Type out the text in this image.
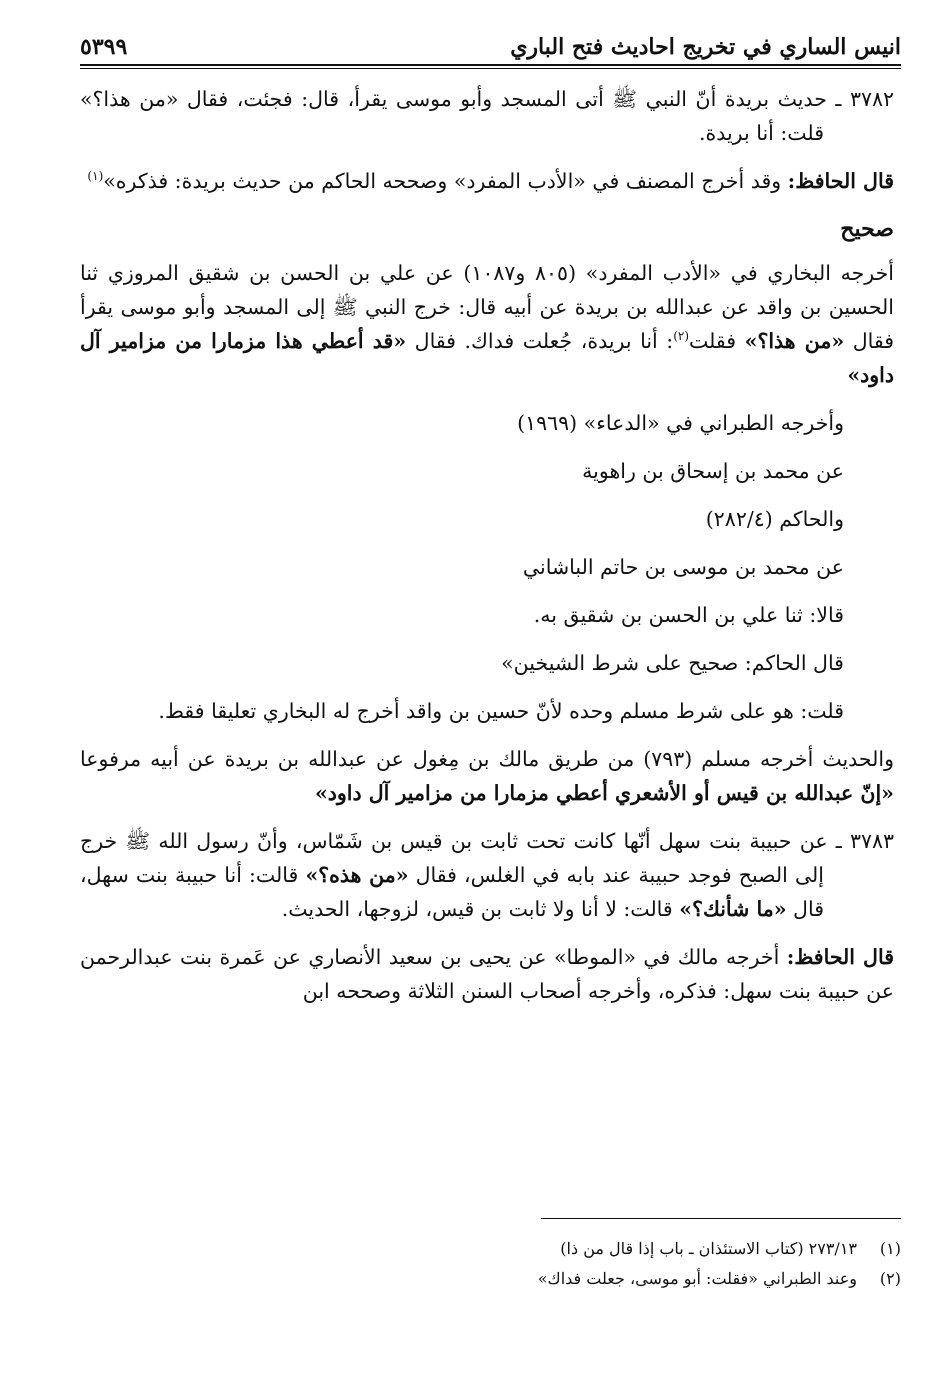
انيس الساري في تخريج احاديث فتح الباري
٥٣٩٩

٣٧٨٢ ـ حديث بريدة أنّ النبي ﷺ أتى المسجد وأبو موسى يقرأ، قال: فجئت، فقال «من هذا؟» قلت: أنا بريدة.

قال الحافظ: وقد أخرج المصنف في «الأدب المفرد» وصححه الحاكم من حديث بريدة: فذكره»$^{(١)}$

صحيح

أخرجه البخاري في «الأدب المفرد» (٨٠٥ و١٠٨٧) عن علي بن الحسن بن شقيق المروزي ثنا الحسين بن واقد عن عبدالله بن بريدة عن أبيه قال: خرج النبي ﷺ إلى المسجد وأبو موسى يقرأ فقال «من هذا؟» فقلت$^{(٢)}$: أنا بريدة، جُعلت فداك. فقال «قد أعطي هذا مزمارا من مزامير آل داود»

وأخرجه الطبراني في «الدعاء» (١٩٦٩)

عن محمد بن إسحاق بن راهوية

والحاكم (٢٨٢/٤)

عن محمد بن موسى بن حاتم الباشاني

قالا: ثنا علي بن الحسن بن شقيق به.

قال الحاكم: صحيح على شرط الشيخين»

قلت: هو على شرط مسلم وحده لأنّ حسين بن واقد أخرج له البخاري تعليقا فقط.

والحديث أخرجه مسلم (٧٩٣) من طريق مالك بن مِغول عن عبدالله بن بريدة عن أبيه مرفوعا «إنّ عبدالله بن قيس أو الأشعري أعطي مزمارا من مزامير آل داود»

٣٧٨٣ ـ عن حبيبة بنت سهل أنّها كانت تحت ثابت بن قيس بن شَمّاس، وأنّ رسول الله ﷺ خرج إلى الصبح فوجد حبيبة عند بابه في الغلس، فقال «من هذه؟» قالت: أنا حبيبة بنت سهل، قال «ما شأنك؟» قالت: لا أنا ولا ثابت بن قيس، لزوجها، الحديث.

قال الحافظ: أخرجه مالك في «الموطا» عن يحيى بن سعيد الأنصاري عن عَمرة بنت عبدالرحمن عن حبيبة بنت سهل: فذكره، وأخرجه أصحاب السنن الثلاثة وصححه ابن

(١)
٢٧٣/١٣ (كتاب الاستئذان ـ باب إذا قال من ذا)
(٢)
وعند الطبراني «فقلت: أبو موسى، جعلت فداك»
